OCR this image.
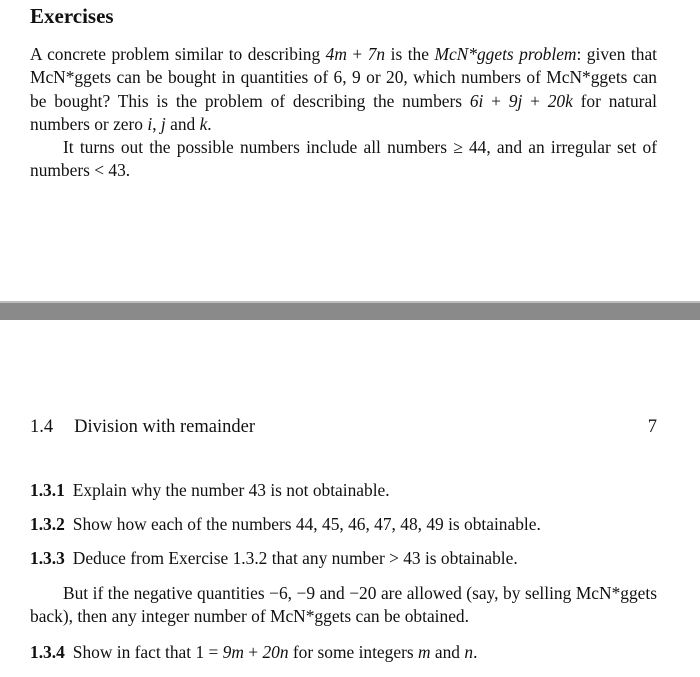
Exercises
A concrete problem similar to describing 4m + 7n is the McN*ggets problem: given that McN*ggets can be bought in quantities of 6, 9 or 20, which numbers of McN*ggets can be bought? This is the problem of describing the numbers 6i + 9j + 20k for natural numbers or zero i, j and k.
It turns out the possible numbers include all numbers ≥ 44, and an irregular set of numbers < 43.
1.4 Division with remainder	7
1.3.1 Explain why the number 43 is not obtainable.
1.3.2 Show how each of the numbers 44, 45, 46, 47, 48, 49 is obtainable.
1.3.3 Deduce from Exercise 1.3.2 that any number > 43 is obtainable.
But if the negative quantities −6, −9 and −20 are allowed (say, by selling McN*ggets back), then any integer number of McN*ggets can be obtained.
1.3.4 Show in fact that 1 = 9m + 20n for some integers m and n.
